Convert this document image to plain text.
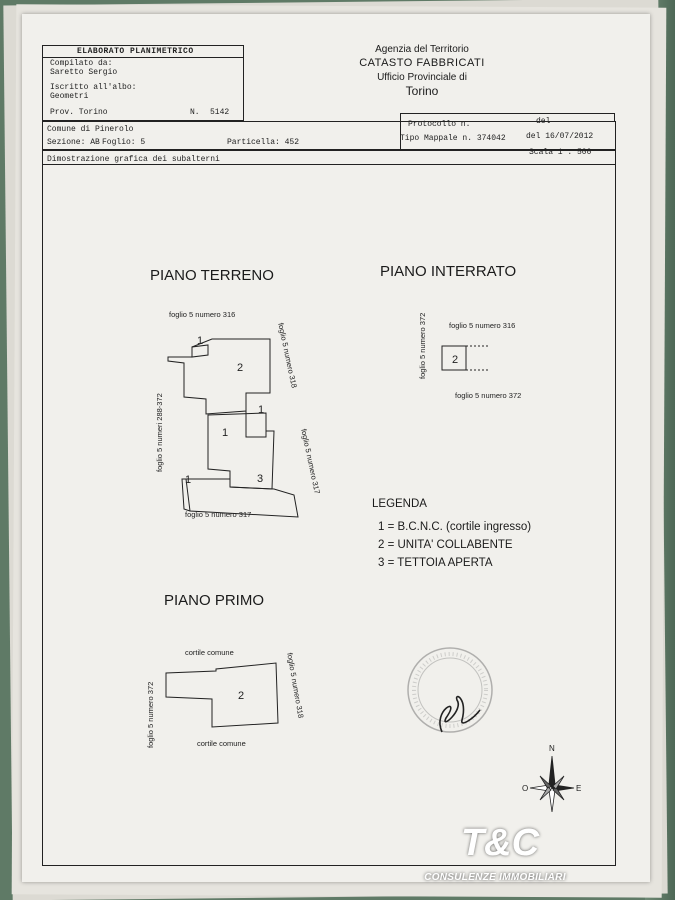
ELABORATO PLANIMETRICO
Compilato da:
Saretto Sergio
Iscritto all'albo:
Geometri
Prov. Torino	N. 5142
Agenzia del Territorio
CATASTO FABBRICATI
Ufficio Provinciale di
Torino
Comune di Pinerolo
Sezione: AB Foglio: 5	Particella: 452
Protocollo n.	del
Tipo Mappale n. 374042	del 16/07/2012
Scala 1 : 500
Dimostrazione grafica dei subalterni
PIANO TERRENO
foglio 5 numero 316
foglio 5 numero 318
foglio 5 numero 317
foglio 5 numeri 288-372
foglio 5 numero 317
1
2
1
1
1	3
PIANO INTERRATO
foglio 5 numero 316
foglio 5 numero 372
foglio 5 numero 372
2
LEGENDA
1 = B.C.N.C. (cortile ingresso)
2 = UNITA' COLLABENTE
3 = TETTOIA APERTA
PIANO PRIMO
cortile comune	foglio 5 numero 318
foglio 5 numero 372	cortile comune
2
N
O	E
T&C
CONSULENZE IMMOBILIARI
